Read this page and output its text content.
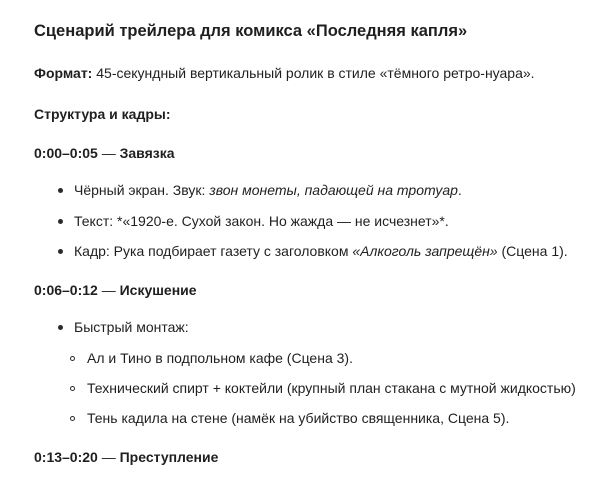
Сценарий трейлера для комикса «Последняя капля»
Формат: 45-секундный вертикальный ролик в стиле «тёмного ретро-нуара».
Структура и кадры:
0:00–0:05 — Завязка
Чёрный экран. Звук: звон монеты, падающей на тротуар.
Текст: *«1920-е. Сухой закон. Но жажда — не исчезнет»*.
Кадр: Рука подбирает газету с заголовком «Алкоголь запрещён» (Сцена 1).
0:06–0:12 — Искушение
Быстрый монтаж:
Ал и Тино в подпольном кафе (Сцена 3).
Технический спирт + коктейли (крупный план стакана с мутной жидкостью)
Тень кадила на стене (намёк на убийство священника, Сцена 5).
0:13–0:20 — Преступление
